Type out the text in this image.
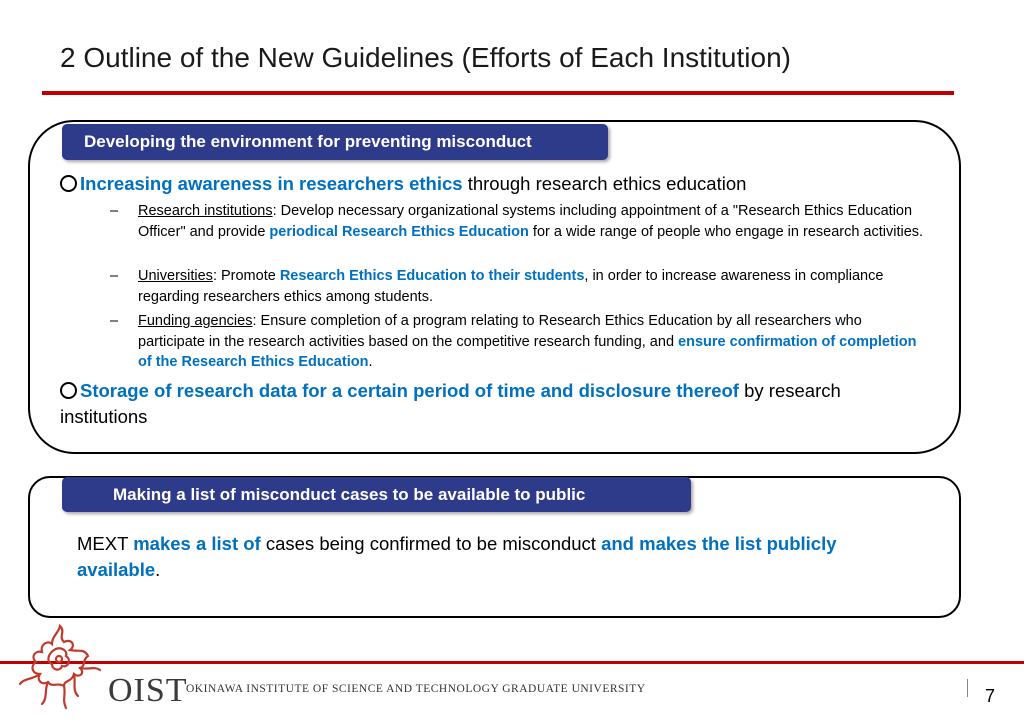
2 Outline of the New Guidelines (Efforts of Each Institution)
Developing the environment for preventing misconduct
Increasing awareness in researchers ethics through research ethics education
– Research institutions: Develop necessary organizational systems including appointment of a "Research Ethics Education Officer" and provide periodical Research Ethics Education for a wide range of people who engage in research activities.
– Universities: Promote Research Ethics Education to their students, in order to increase awareness in compliance regarding researchers ethics among students.
– Funding agencies: Ensure completion of a program relating to Research Ethics Education by all researchers who participate in the research activities based on the competitive research funding, and ensure confirmation of completion of the Research Ethics Education.
Storage of research data for a certain period of time and disclosure thereof by research institutions
Making a list of misconduct cases to be available to public
MEXT makes a list of cases being confirmed to be misconduct and makes the list publicly available.
OIST
OKINAWA INSTITUTE OF SCIENCE AND TECHNOLOGY GRADUATE UNIVERSITY	7
